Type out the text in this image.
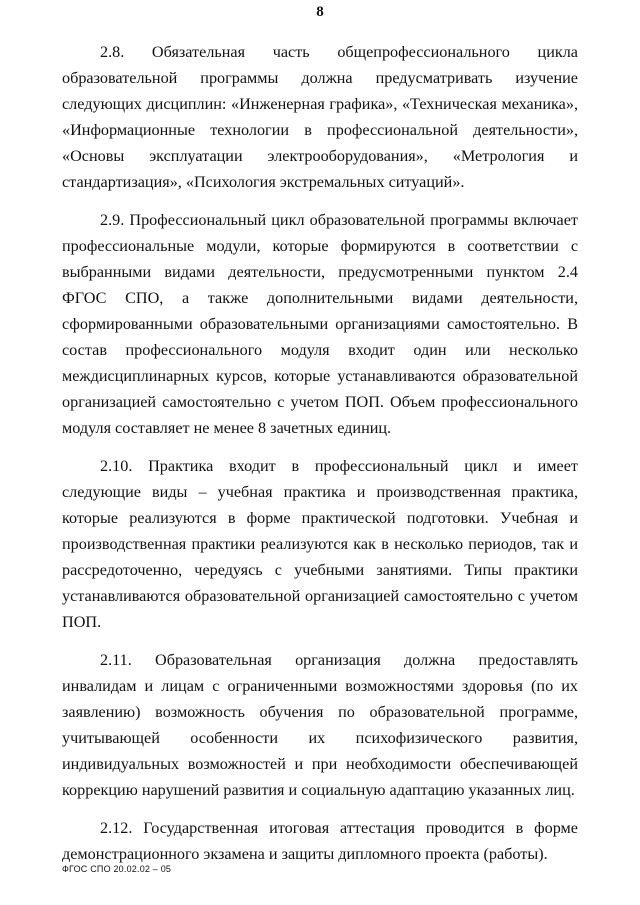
8

2.8. Обязательная часть общепрофессионального цикла образовательной программы должна предусматривать изучение следующих дисциплин: «Инженерная графика», «Техническая механика», «Информационные технологии в профессиональной деятельности», «Основы эксплуатации электрооборудования», «Метрология и стандартизация», «Психология экстремальных ситуаций».

2.9. Профессиональный цикл образовательной программы включает профессиональные модули, которые формируются в соответствии с выбранными видами деятельности, предусмотренными пунктом 2.4 ФГОС СПО, а также дополнительными видами деятельности, сформированными образовательными организациями самостоятельно. В состав профессионального модуля входит один или несколько междисциплинарных курсов, которые устанавливаются образовательной организацией самостоятельно с учетом ПОП. Объем профессионального модуля составляет не менее 8 зачетных единиц.

2.10. Практика входит в профессиональный цикл и имеет следующие виды – учебная практика и производственная практика, которые реализуются в форме практической подготовки. Учебная и производственная практики реализуются как в несколько периодов, так и рассредоточенно, чередуясь с учебными занятиями. Типы практики устанавливаются образовательной организацией самостоятельно с учетом ПОП.

2.11. Образовательная организация должна предоставлять инвалидам и лицам с ограниченными возможностями здоровья (по их заявлению) возможность обучения по образовательной программе, учитывающей особенности их психофизического развития, индивидуальных возможностей и при необходимости обеспечивающей коррекцию нарушений развития и социальную адаптацию указанных лиц.

2.12. Государственная итоговая аттестация проводится в форме демонстрационного экзамена и защиты дипломного проекта (работы).

ФГОС СПО 20.02.02 – 05
